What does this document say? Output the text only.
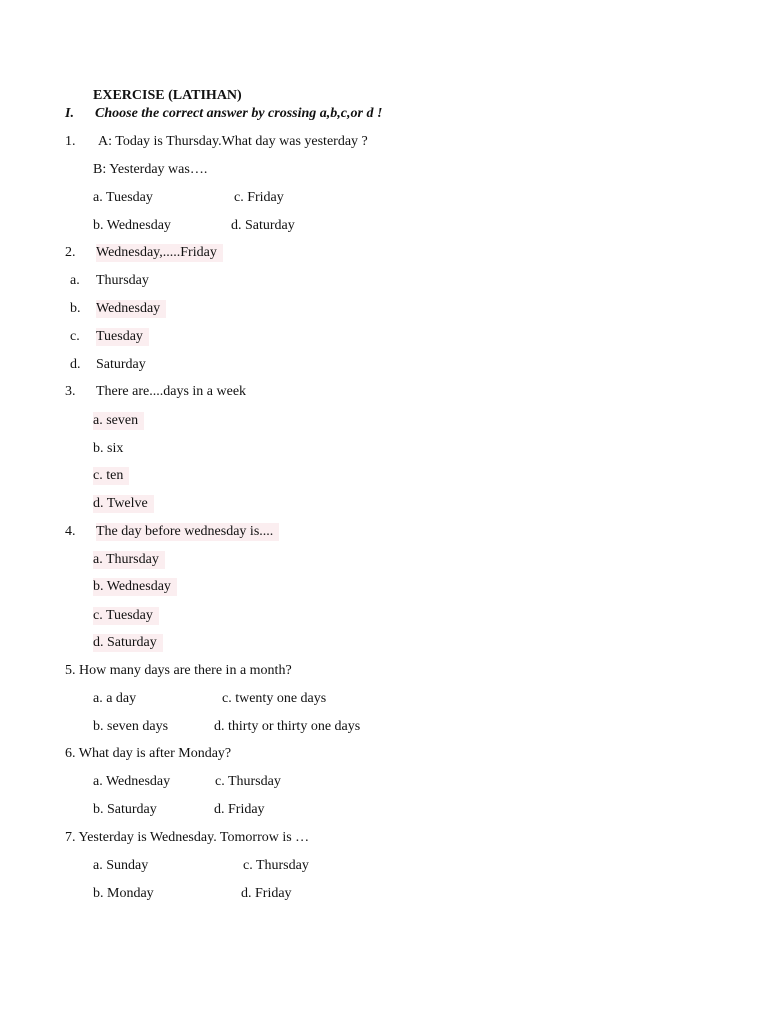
EXERCISE (LATIHAN)
I. Choose the correct answer by crossing a,b,c,or d !
1. A: Today is Thursday.What day was yesterday ?
B: Yesterday was….
a. Tuesday	c. Friday
b. Wednesday	d. Saturday
2. Wednesday,.....Friday
a. Thursday
b. Wednesday
c. Tuesday
d. Saturday
3. There are....days in a week
a. seven
b. six
c. ten
d. Twelve
4. The day before wednesday is....
a. Thursday
b. Wednesday
c. Tuesday
d. Saturday
5. How many days are there in a month?
a. a day	c. twenty one days
b. seven days	d. thirty or thirty one days
6. What day is after Monday?
a. Wednesday	c. Thursday
b. Saturday	d. Friday
7. Yesterday is Wednesday. Tomorrow is …
a. Sunday	c. Thursday
b. Monday	d. Friday
